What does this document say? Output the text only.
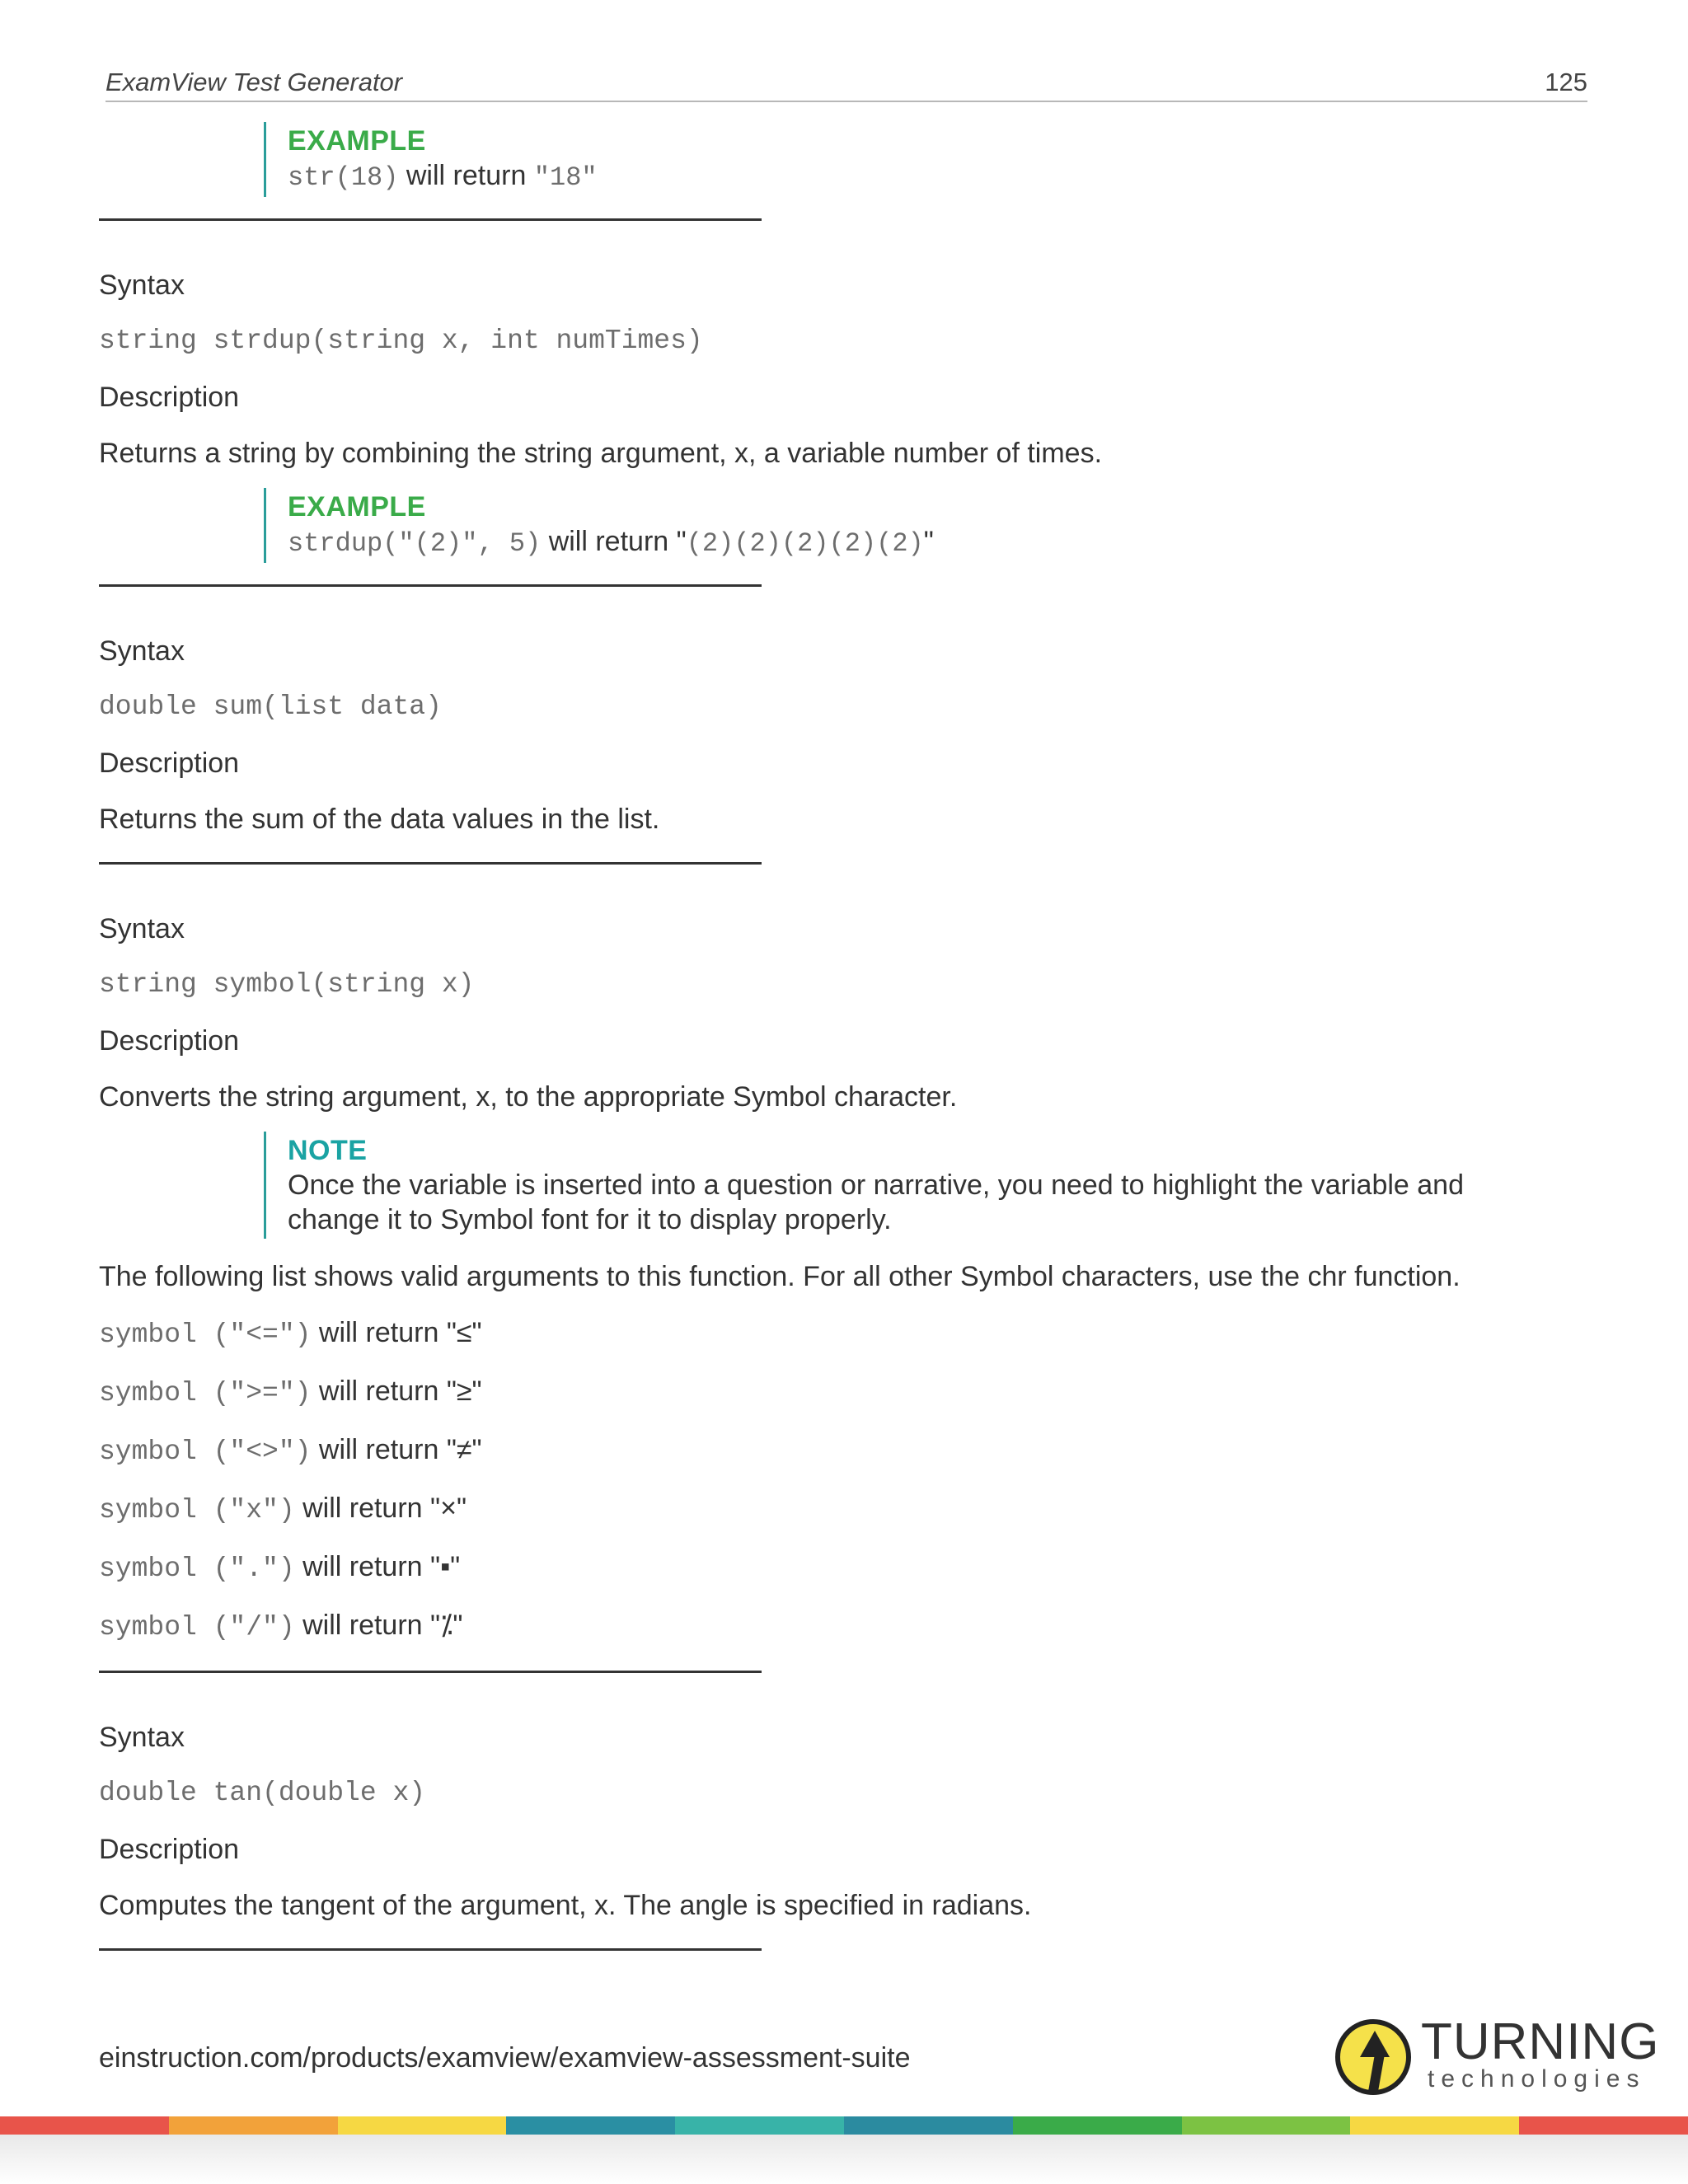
ExamView Test Generator	125
EXAMPLE
str(18) will return "18"
Syntax
string strdup(string x, int numTimes)
Description
Returns a string by combining the string argument, x, a variable number of times.
EXAMPLE
strdup("(2)", 5) will return "(2)(2)(2)(2)(2)"
Syntax
double sum(list data)
Description
Returns the sum of the data values in the list.
Syntax
string symbol(string x)
Description
Converts the string argument, x, to the appropriate Symbol character.
NOTE
Once the variable is inserted into a question or narrative, you need to highlight the variable and change it to Symbol font for it to display properly.
The following list shows valid arguments to this function. For all other Symbol characters, use the chr function.
symbol ("<=") will return "≤"
symbol (">=") will return "≥"
symbol ("<>") will return "≠"
symbol ("x") will return "×"
symbol (".") will return "▪"
symbol ("/") will return "⁒"
Syntax
double tan(double x)
Description
Computes the tangent of the argument, x. The angle is specified in radians.
einstruction.com/products/examview/examview-assessment-suite	TURNING
technologies
